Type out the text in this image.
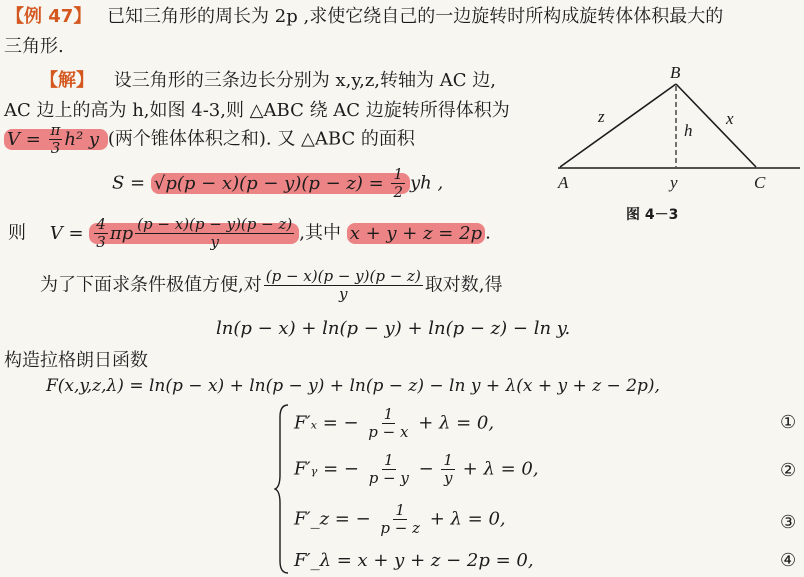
【例 47】 已知三角形的周长为 2p ,求使它绕自己的一边旋转时所构成旋转体体积最大的
三角形.
【解】 设三角形的三条边长分别为 x,y,z,转轴为 AC 边,
AC 边上的高为 h,如图 4-3,则 △ABC 绕 AC 边旋转所得体积为
$V = \frac{\pi}{3} h^2$ y (两个锥体体积之和). 又 △ABC 的面积
$S = √p(p - x)(p - y)(p - z) = \frac{1}{2}$ yh ,
则 $V = \frac{4}{3}$ πp $\frac{(p - x)(p - y)(p - z)}{y}$ ,其中 x + y + z = 2p .
为了下面求条件极值方便,对 $\frac{(p - x)(p - y)(p - z)}{y}$ 取对数,得
ln(p − x) + ln(p − y) + ln(p − z) − ln y.
构造拉格朗日函数
F(x,y,z,λ) = ln(p − x) + ln(p − y) + ln(p − z) − ln y + λ(x + y + z − 2p),
F′ₓ = − $\frac{1}{p - x} + \lambda = 0$,	①
F′ᵧ = − $\frac{1}{p - y} - \frac{1}{y} + \lambda = 0$,	②
F′_z = − $\frac{1}{p - z} + \lambda = 0$,	③
F′_λ = x + y + z − 2p = 0,	④
B
z	x
h
A	y	C
图 4－3
